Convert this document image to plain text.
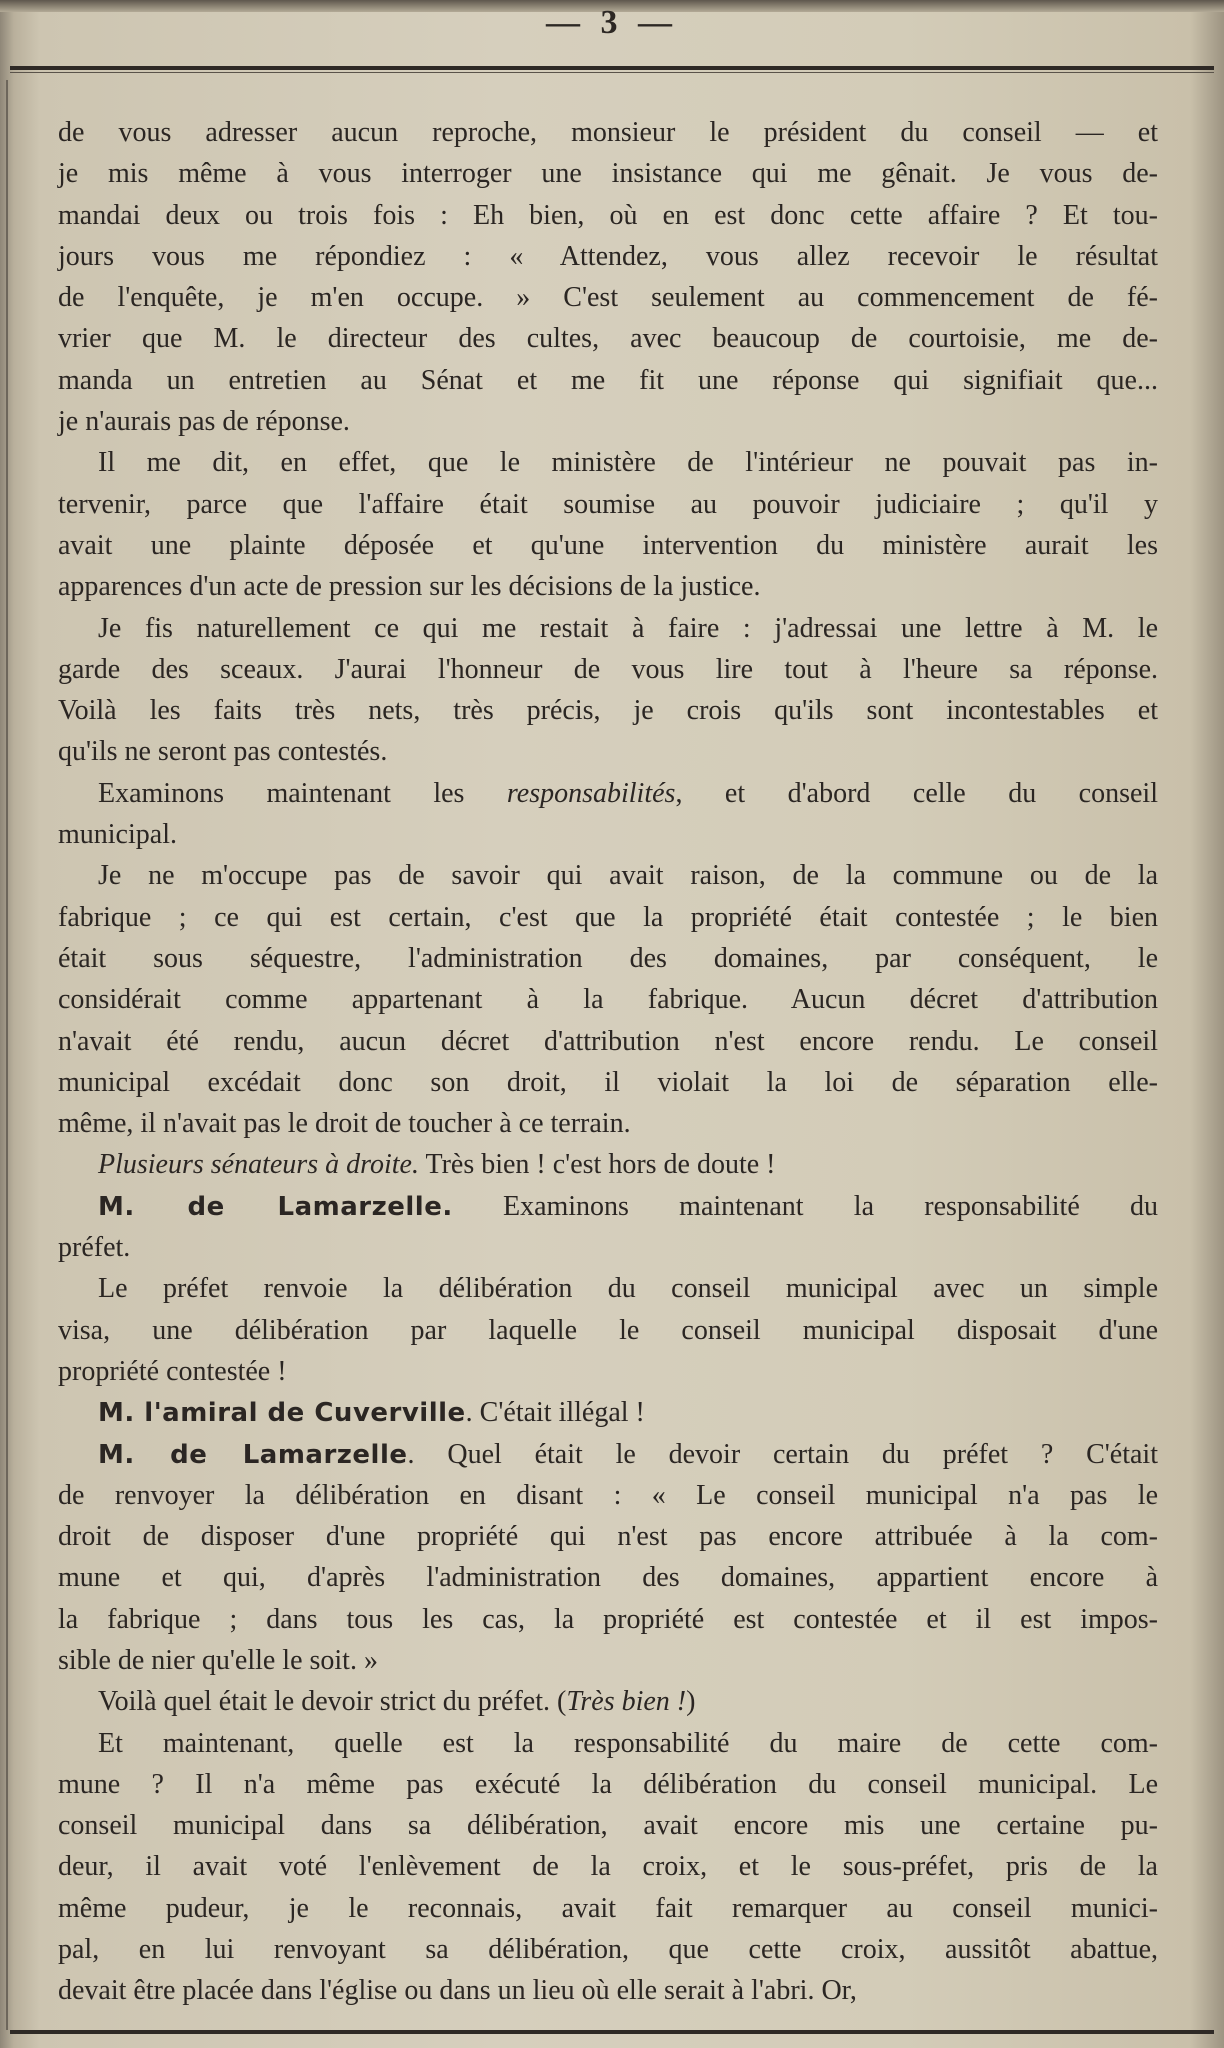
— 3 —
de vous adresser aucun reproche, monsieur le président du conseil — et
je mis même à vous interroger une insistance qui me gênait. Je vous de-
mandai deux ou trois fois : Eh bien, où en est donc cette affaire ? Et tou-
jours vous me répondiez : « Attendez, vous allez recevoir le résultat
de l'enquête, je m'en occupe. » C'est seulement au commencement de fé-
vrier que M. le directeur des cultes, avec beaucoup de courtoisie, me de-
manda un entretien au Sénat et me fit une réponse qui signifiait que...
je n'aurais pas de réponse.
Il me dit, en effet, que le ministère de l'intérieur ne pouvait pas in-
tervenir, parce que l'affaire était soumise au pouvoir judiciaire ; qu'il y
avait une plainte déposée et qu'une intervention du ministère aurait les
apparences d'un acte de pression sur les décisions de la justice.
Je fis naturellement ce qui me restait à faire : j'adressai une lettre à M. le
garde des sceaux. J'aurai l'honneur de vous lire tout à l'heure sa réponse.
Voilà les faits très nets, très précis, je crois qu'ils sont incontestables et
qu'ils ne seront pas contestés.
Examinons maintenant les responsabilités, et d'abord celle du conseil
municipal.
Je ne m'occupe pas de savoir qui avait raison, de la commune ou de la
fabrique ; ce qui est certain, c'est que la propriété était contestée ; le bien
était sous séquestre, l'administration des domaines, par conséquent, le
considérait comme appartenant à la fabrique. Aucun décret d'attribution
n'avait été rendu, aucun décret d'attribution n'est encore rendu. Le conseil
municipal excédait donc son droit, il violait la loi de séparation elle-
même, il n'avait pas le droit de toucher à ce terrain.
Plusieurs sénateurs à droite. Très bien ! c'est hors de doute !
M. de Lamarzelle. Examinons maintenant la responsabilité du
préfet.
Le préfet renvoie la délibération du conseil municipal avec un simple
visa, une délibération par laquelle le conseil municipal disposait d'une
propriété contestée !
M. l'amiral de Cuverville. C'était illégal !
M. de Lamarzelle. Quel était le devoir certain du préfet ? C'était
de renvoyer la délibération en disant : « Le conseil municipal n'a pas le
droit de disposer d'une propriété qui n'est pas encore attribuée à la com-
mune et qui, d'après l'administration des domaines, appartient encore à
la fabrique ; dans tous les cas, la propriété est contestée et il est impos-
sible de nier qu'elle le soit. »
Voilà quel était le devoir strict du préfet. (Très bien !)
Et maintenant, quelle est la responsabilité du maire de cette com-
mune ? Il n'a même pas exécuté la délibération du conseil municipal. Le
conseil municipal dans sa délibération, avait encore mis une certaine pu-
deur, il avait voté l'enlèvement de la croix, et le sous-préfet, pris de la
même pudeur, je le reconnais, avait fait remarquer au conseil munici-
pal, en lui renvoyant sa délibération, que cette croix, aussitôt abattue,
devait être placée dans l'église ou dans un lieu où elle serait à l'abri. Or,
